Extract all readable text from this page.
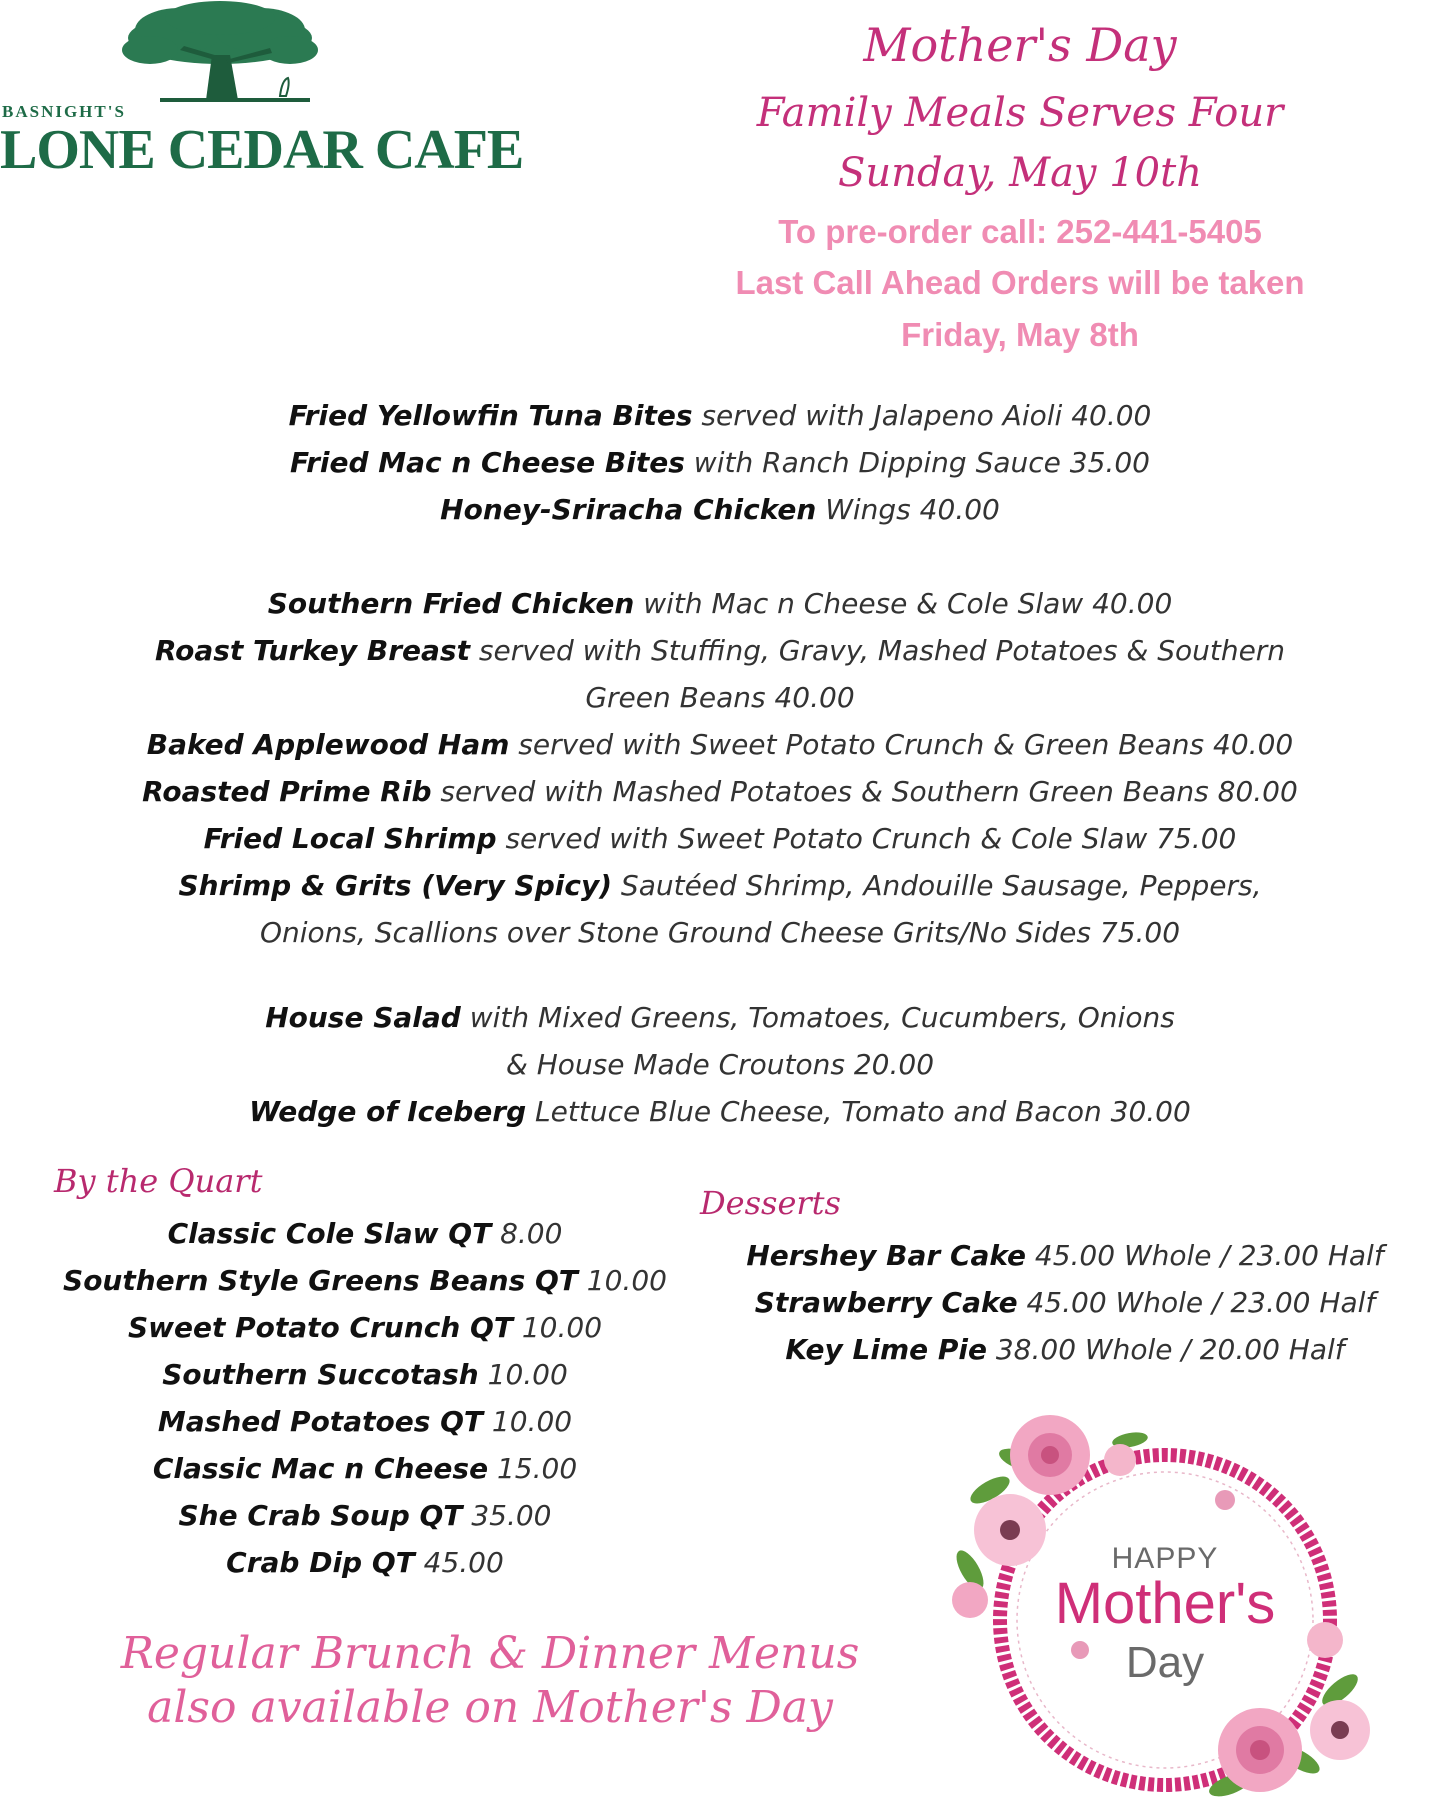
BASNIGHT'S
LONE CEDAR CAFE
Mother's Day
Family Meals Serves Four
Sunday, May 10th
To pre-order call: 252-441-5405
Last Call Ahead Orders will be taken
Friday, May 8th
Fried Yellowfin Tuna Bites served with Jalapeno Aioli 40.00
Fried Mac n Cheese Bites with Ranch Dipping Sauce 35.00
Honey-Sriracha Chicken Wings 40.00
Southern Fried Chicken with Mac n Cheese & Cole Slaw 40.00
Roast Turkey Breast served with Stuffing, Gravy, Mashed Potatoes & Southern
Green Beans 40.00
Baked Applewood Ham served with Sweet Potato Crunch & Green Beans 40.00
Roasted Prime Rib served with Mashed Potatoes & Southern Green Beans 80.00
Fried Local Shrimp served with Sweet Potato Crunch & Cole Slaw 75.00
Shrimp & Grits (Very Spicy) Sautéed Shrimp, Andouille Sausage, Peppers,
Onions, Scallions over Stone Ground Cheese Grits/No Sides 75.00
House Salad with Mixed Greens, Tomatoes, Cucumbers, Onions
& House Made Croutons 20.00
Wedge of Iceberg Lettuce Blue Cheese, Tomato and Bacon 30.00
By the Quart
Classic Cole Slaw QT 8.00
Southern Style Greens Beans QT 10.00
Sweet Potato Crunch QT 10.00
Southern Succotash 10.00
Mashed Potatoes QT 10.00
Classic Mac n Cheese 15.00
She Crab Soup QT 35.00
Crab Dip QT 45.00
Desserts
Hershey Bar Cake 45.00 Whole / 23.00 Half
Strawberry Cake 45.00 Whole / 23.00 Half
Key Lime Pie 38.00 Whole / 20.00 Half
Regular Brunch & Dinner Menus
also available on Mother's Day
HAPPY
Mother's
Day
